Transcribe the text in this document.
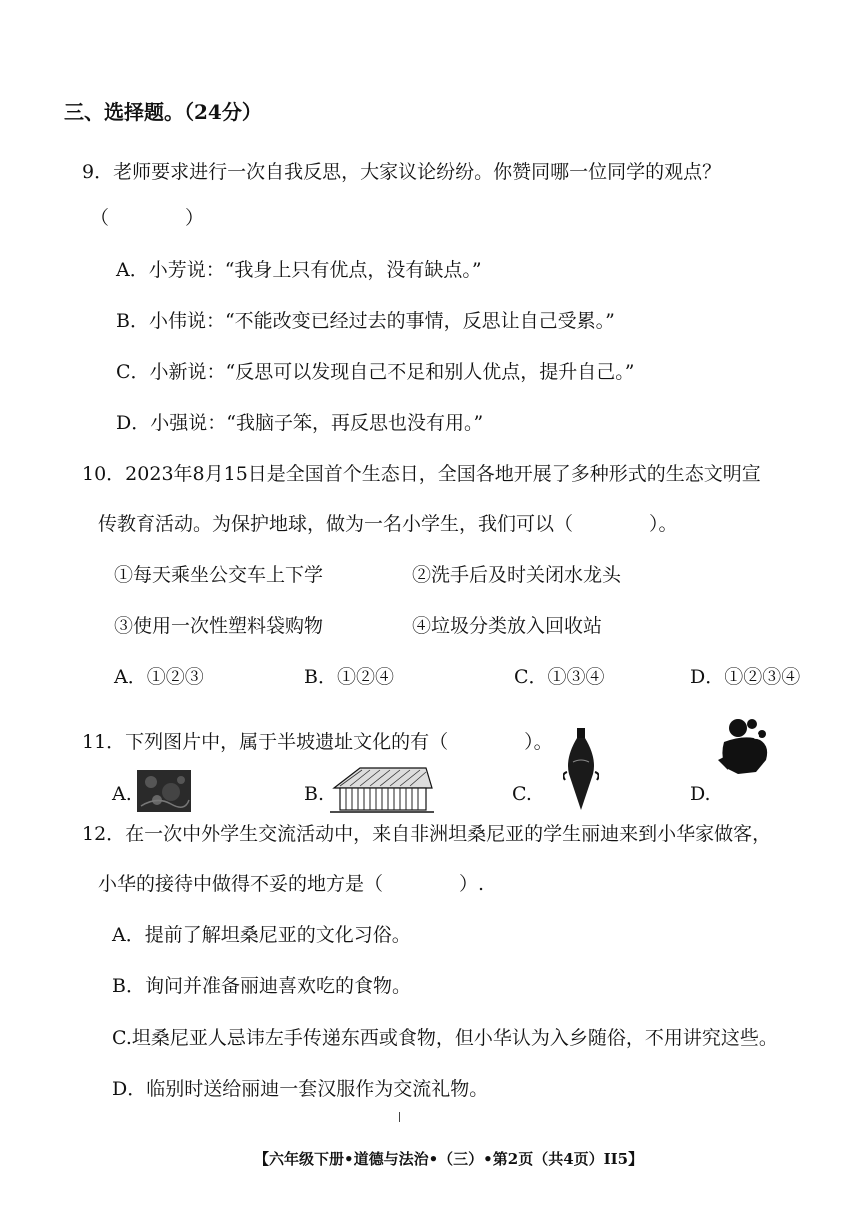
三、选择题。（24分）
9．老师要求进行一次自我反思，大家议论纷纷。你赞同哪一位同学的观点？
（　　　　）
A．小芳说：“我身上只有优点，没有缺点。”
B．小伟说：“不能改变已经过去的事情，反思让自己受累。”
C．小新说：“反思可以发现自己不足和别人优点，提升自己。”
D．小强说：“我脑子笨，再反思也没有用。”
10．2023年8月15日是全国首个生态日，全国各地开展了多种形式的生态文明宣
传教育活动。为保护地球，做为一名小学生，我们可以（　　　　）。
①每天乘坐公交车上下学	②洗手后及时关闭水龙头
③使用一次性塑料袋购物	④垃圾分类放入回收站
A．①②③	B．①②④	C．①③④	D．①②③④
11．下列图片中，属于半坡遗址文化的有（　　　　）。
A.	B.	C.	D.
12．在一次中外学生交流活动中，来自非洲坦桑尼亚的学生丽迪来到小华家做客，
小华的接待中做得不妥的地方是（　　　　）.
A．提前了解坦桑尼亚的文化习俗。
B．询问并准备丽迪喜欢吃的食物。
C.坦桑尼亚人忌讳左手传递东西或食物，但小华认为入乡随俗，不用讲究这些。
D．临别时送给丽迪一套汉服作为交流礼物。
【六年级下册•道德与法治•（三）•第2页（共4页）II5】
